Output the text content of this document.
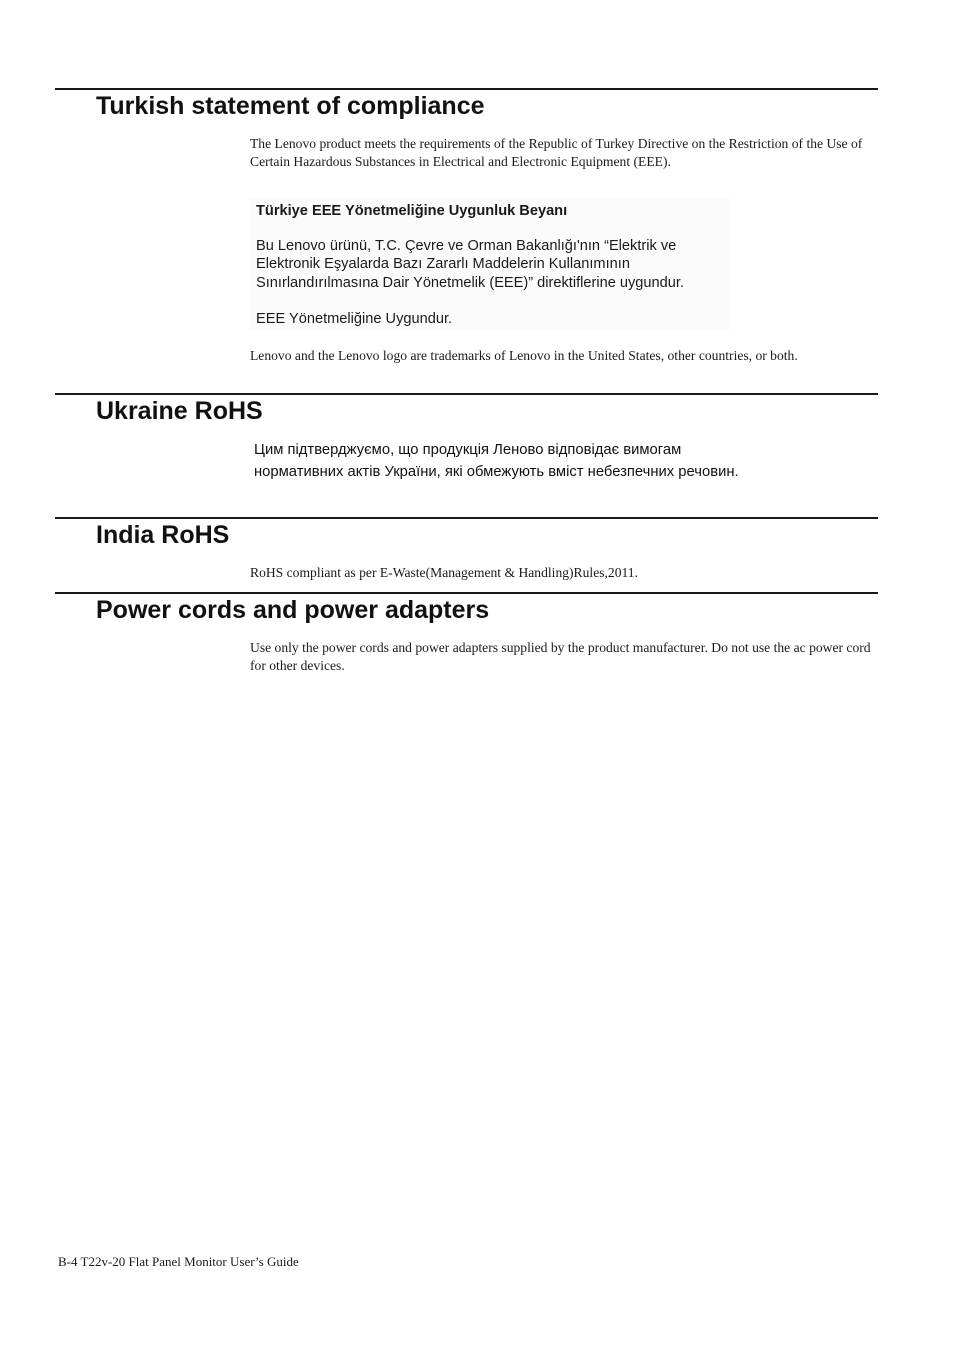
Turkish statement of compliance

The Lenovo product meets the requirements of the Republic of Turkey Directive on the Restriction of the Use of Certain Hazardous Substances in Electrical and Electronic Equipment (EEE).

Türkiye EEE Yönetmeliğine Uygunluk Beyanı
Bu Lenovo ürünü, T.C. Çevre ve Orman Bakanlığı'nın “Elektrik ve Elektronik Eşyalarda Bazı Zararlı Maddelerin Kullanımının Sınırlandırılmasına Dair Yönetmelik (EEE)” direktiflerine uygundur.
EEE Yönetmeliğine Uygundur.

Lenovo and the Lenovo logo are trademarks of Lenovo in the United States, other countries, or both.

Ukraine RoHS

Цим підтверджуємо, що продукція Леново відповідає вимогам нормативних актів України, які обмежують вміст небезпечних речовин.

India RoHS

RoHS compliant as per E-Waste(Management & Handling)Rules,2011.

Power cords and power adapters

Use only the power cords and power adapters supplied by the product manufacturer. Do not use the ac power cord for other devices.

B-4 T22v-20 Flat Panel Monitor User’s Guide
